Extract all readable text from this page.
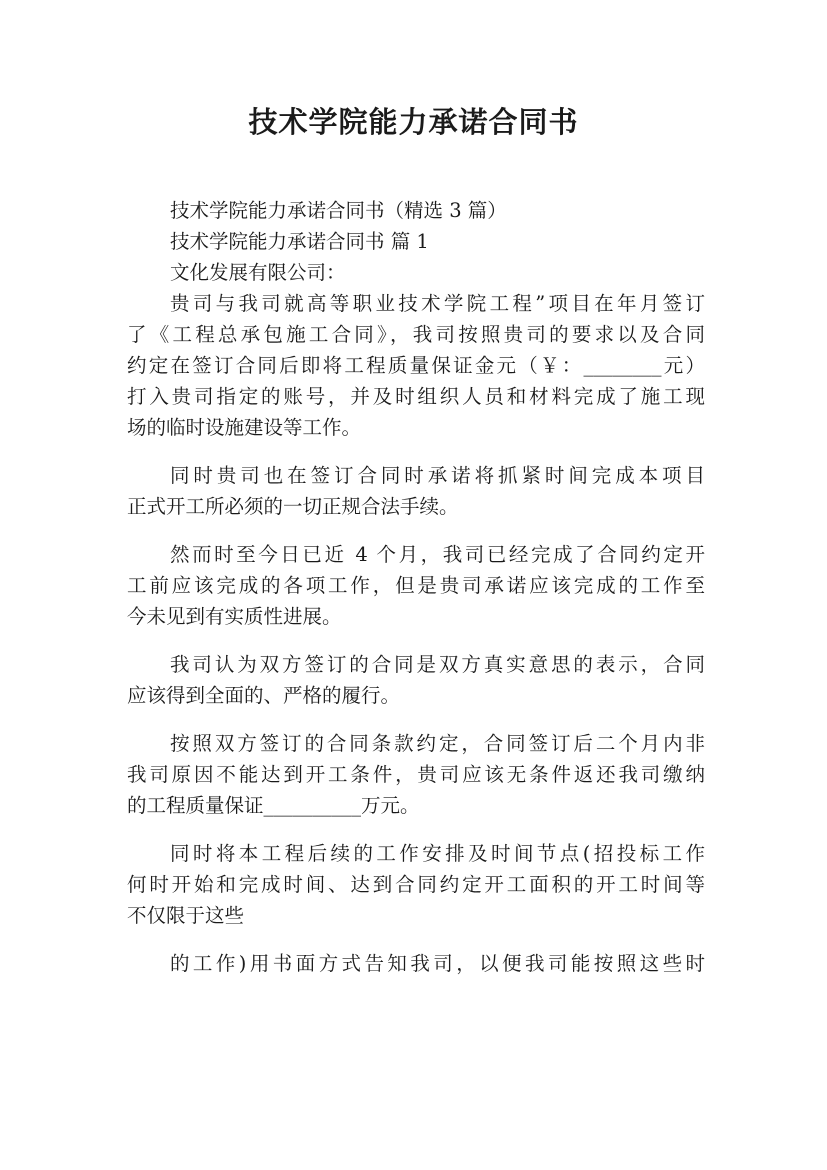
技术学院能力承诺合同书
技术学院能力承诺合同书（精选 3 篇）
技术学院能力承诺合同书 篇 1
文化发展有限公司：
贵司与我司就高等职业技术学院工程”项目在年月签订
了《工程总承包施工合同》，我司按照贵司的要求以及合同
约定在签订合同后即将工程质量保证金元（￥：________元）
打入贵司指定的账号，并及时组织人员和材料完成了施工现
场的临时设施建设等工作。
同时贵司也在签订合同时承诺将抓紧时间完成本项目
正式开工所必须的一切正规合法手续。
然而时至今日已近 4 个月，我司已经完成了合同约定开
工前应该完成的各项工作，但是贵司承诺应该完成的工作至
今未见到有实质性进展。
我司认为双方签订的合同是双方真实意思的表示，合同
应该得到全面的、严格的履行。
按照双方签订的合同条款约定，合同签订后二个月内非
我司原因不能达到开工条件，贵司应该无条件返还我司缴纳
的工程质量保证__________万元。
同时将本工程后续的工作安排及时间节点(招投标工作
何时开始和完成时间、达到合同约定开工面积的开工时间等
不仅限于这些
的工作)用书面方式告知我司，以便我司能按照这些时
